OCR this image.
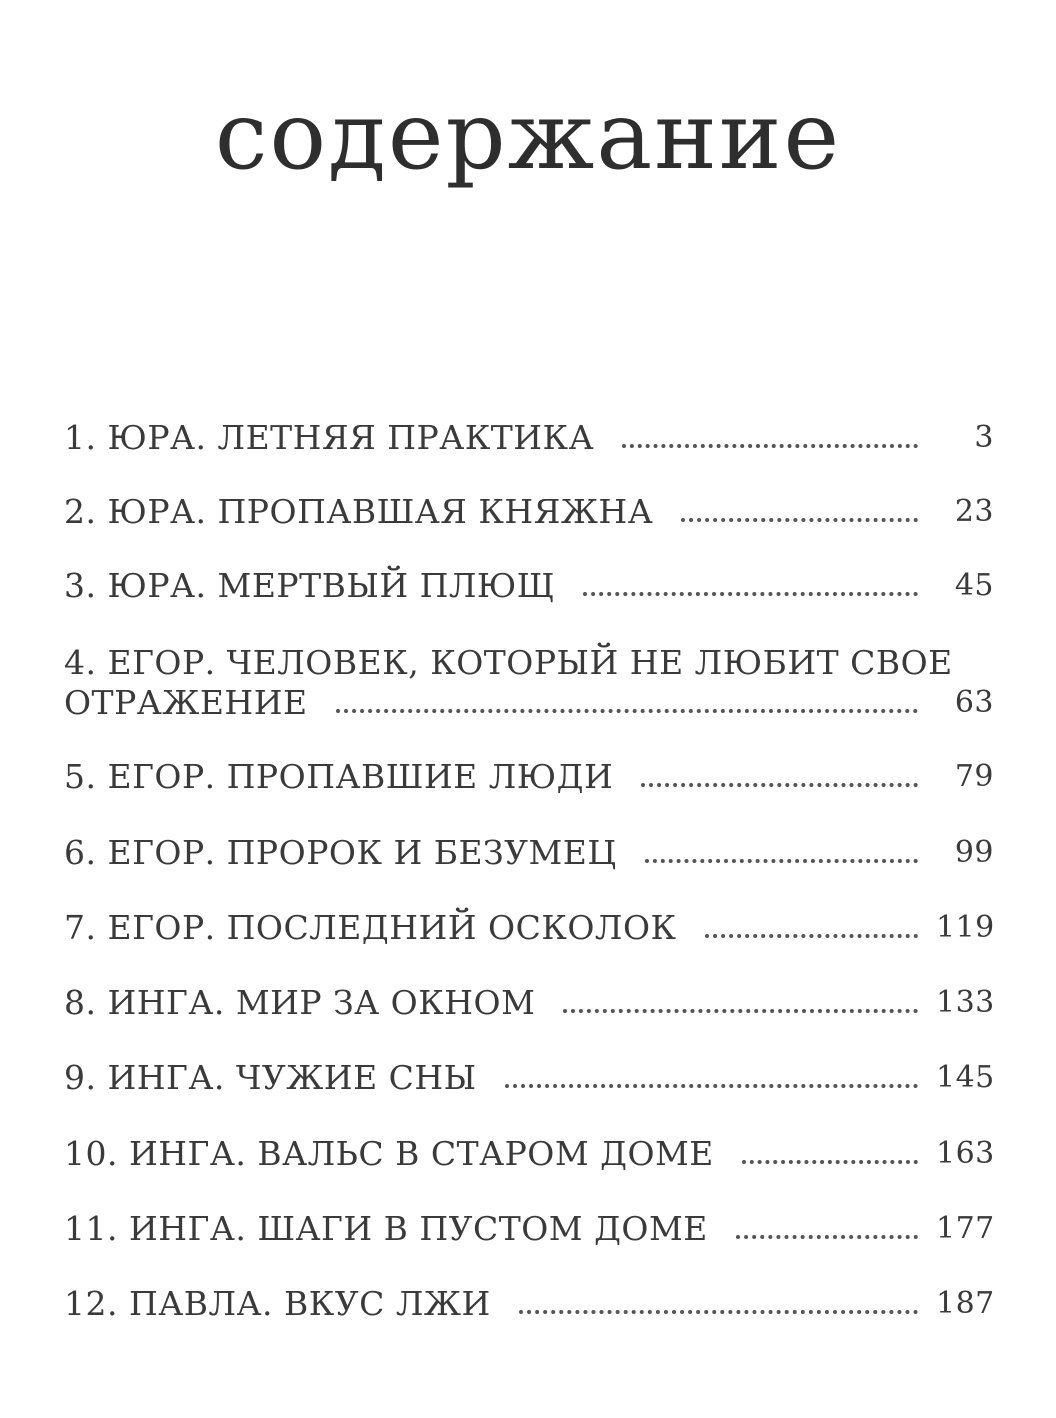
содержание
1. ЮРА. ЛЕТНЯЯ ПРАКТИКА	3
2. ЮРА. ПРОПАВШАЯ КНЯЖНА	23
3. ЮРА. МЕРТВЫЙ ПЛЮЩ	45
4. ЕГОР. ЧЕЛОВЕК, КОТОРЫЙ НЕ ЛЮБИТ СВОЕ
ОТРАЖЕНИЕ	63
5. ЕГОР. ПРОПАВШИЕ ЛЮДИ	79
6. ЕГОР. ПРОРОК И БЕЗУМЕЦ	99
7. ЕГОР. ПОСЛЕДНИЙ ОСКОЛОК	119
8. ИНГА. МИР ЗА ОКНОМ	133
9. ИНГА. ЧУЖИЕ СНЫ	145
10. ИНГА. ВАЛЬС В СТАРОМ ДОМЕ	163
11. ИНГА. ШАГИ В ПУСТОМ ДОМЕ	177
12. ПАВЛА. ВКУС ЛЖИ	187
